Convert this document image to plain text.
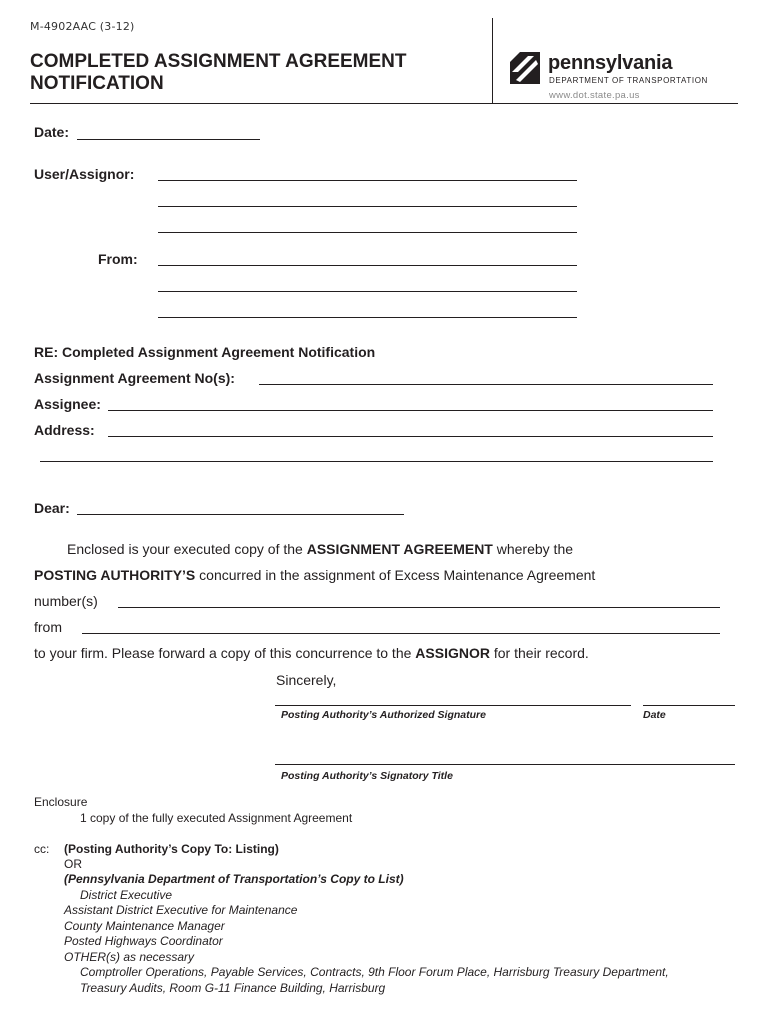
M-4902AAC (3-12)
COMPLETED ASSIGNMENT AGREEMENT
NOTIFICATION
pennsylvania
DEPARTMENT OF TRANSPORTATION
www.dot.state.pa.us
Date:
User/Assignor:
From:
RE: Completed Assignment Agreement Notification
Assignment Agreement No(s):
Assignee:
Address:
Dear:
Enclosed is your executed copy of the ASSIGNMENT AGREEMENT whereby the
POSTING AUTHORITY’S concurred in the assignment of Excess Maintenance Agreement
number(s)
from
to your firm. Please forward a copy of this concurrence to the ASSIGNOR for their record.
Sincerely,
Posting Authority’s Authorized Signature	Date
Posting Authority’s Signatory Title
Enclosure
1 copy of the fully executed Assignment Agreement
cc: (Posting Authority’s Copy To: Listing)
OR
(Pennsylvania Department of Transportation’s Copy to List)
District Executive
Assistant District Executive for Maintenance
County Maintenance Manager
Posted Highways Coordinator
OTHER(s) as necessary
Comptroller Operations, Payable Services, Contracts, 9th Floor Forum Place, Harrisburg Treasury Department,
Treasury Audits, Room G-11 Finance Building, Harrisburg
